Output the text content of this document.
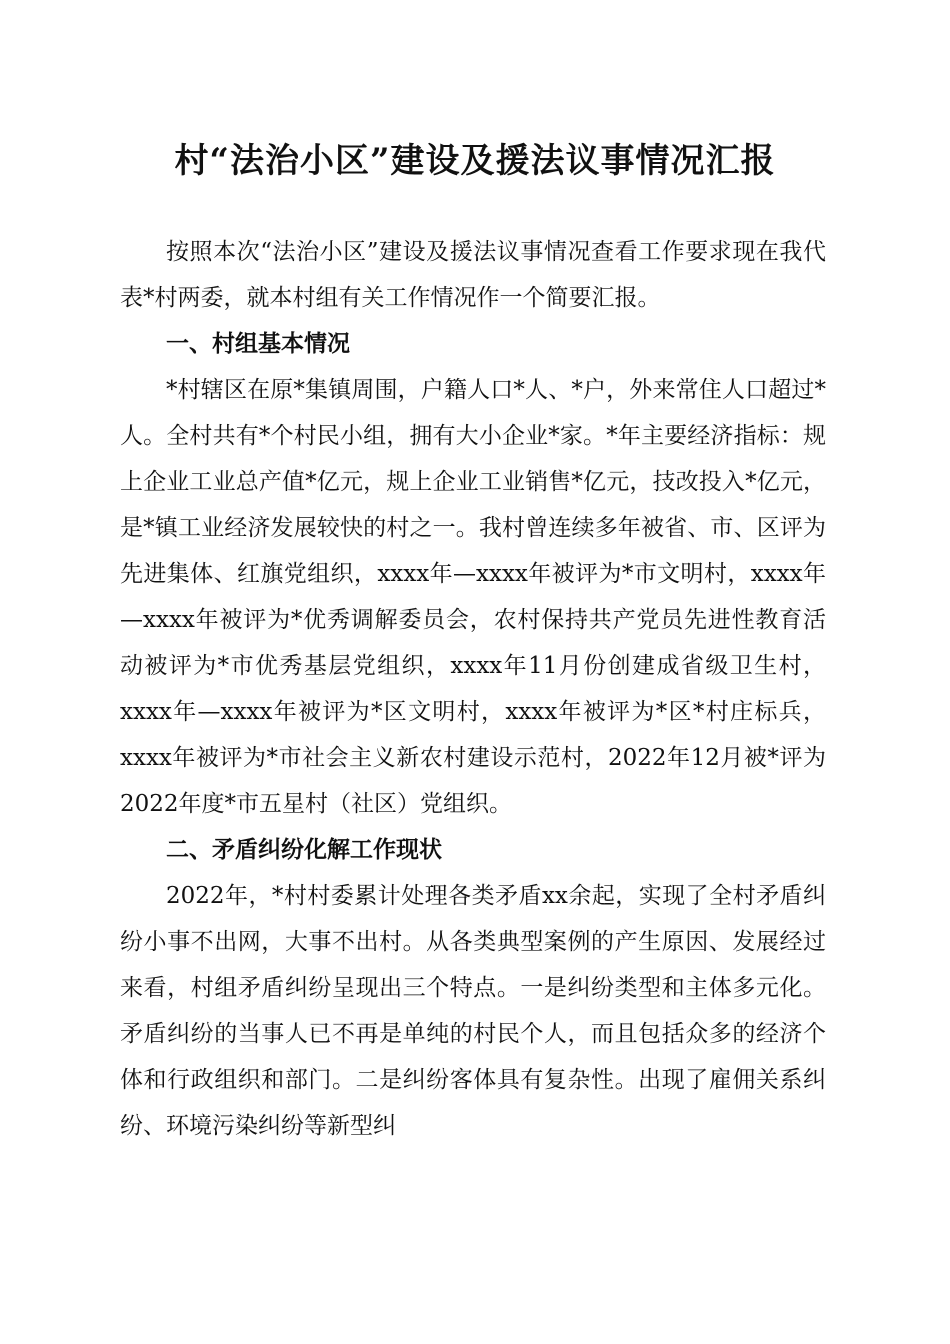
村“法治小区”建设及援法议事情况汇报

按照本次“法治小区”建设及援法议事情况查看工作要求现在我代表*村两委，就本村组有关工作情况作一个简要汇报。

一、村组基本情况

*村辖区在原*集镇周围，户籍人口*人、*户，外来常住人口超过*人。全村共有*个村民小组，拥有大小企业*家。*年主要经济指标：规上企业工业总产值*亿元，规上企业工业销售*亿元，技改投入*亿元，是*镇工业经济发展较快的村之一。我村曾连续多年被省、市、区评为先进集体、红旗党组织，xxxx年—xxxx年被评为*市文明村，xxxx年—xxxx年被评为*优秀调解委员会，农村保持共产党员先进性教育活动被评为*市优秀基层党组织，xxxx年11月份创建成省级卫生村，xxxx年—xxxx年被评为*区文明村，xxxx年被评为*区*村庄标兵，xxxx年被评为*市社会主义新农村建设示范村，2022年12月被*评为2022年度*市五星村（社区）党组织。

二、矛盾纠纷化解工作现状

2022年，*村村委累计处理各类矛盾xx余起，实现了全村矛盾纠纷小事不出网，大事不出村。从各类典型案例的产生原因、发展经过来看，村组矛盾纠纷呈现出三个特点。一是纠纷类型和主体多元化。矛盾纠纷的当事人已不再是单纯的村民个人，而且包括众多的经济个体和行政组织和部门。二是纠纷客体具有复杂性。出现了雇佣关系纠纷、环境污染纠纷等新型纠
